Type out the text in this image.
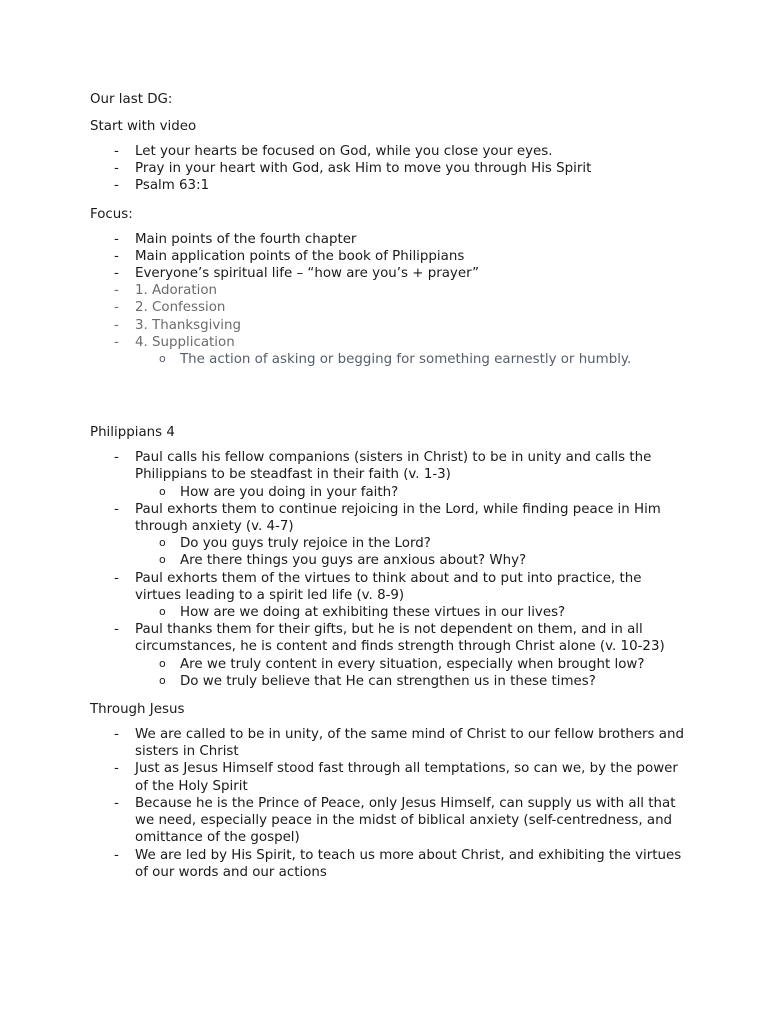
Our last DG:

Start with video

- Let your hearts be focused on God, while you close your eyes.
- Pray in your heart with God, ask Him to move you through His Spirit
- Psalm 63:1

Focus:

- Main points of the fourth chapter
- Main application points of the book of Philippians
- Everyone’s spiritual life – “how are you’s + prayer”
- 1. Adoration
- 2. Confession
- 3. Thanksgiving
- 4. Supplication
o The action of asking or begging for something earnestly or humbly.

Philippians 4

- Paul calls his fellow companions (sisters in Christ) to be in unity and calls the Philippians to be steadfast in their faith (v. 1-3)
o How are you doing in your faith?
- Paul exhorts them to continue rejoicing in the Lord, while finding peace in Him through anxiety (v. 4-7)
o Do you guys truly rejoice in the Lord?
o Are there things you guys are anxious about? Why?
- Paul exhorts them of the virtues to think about and to put into practice, the virtues leading to a spirit led life (v. 8-9)
o How are we doing at exhibiting these virtues in our lives?
- Paul thanks them for their gifts, but he is not dependent on them, and in all circumstances, he is content and finds strength through Christ alone (v. 10-23)
o Are we truly content in every situation, especially when brought low?
o Do we truly believe that He can strengthen us in these times?

Through Jesus

- We are called to be in unity, of the same mind of Christ to our fellow brothers and sisters in Christ
- Just as Jesus Himself stood fast through all temptations, so can we, by the power of the Holy Spirit
- Because he is the Prince of Peace, only Jesus Himself, can supply us with all that we need, especially peace in the midst of biblical anxiety (self-centredness, and omittance of the gospel)
- We are led by His Spirit, to teach us more about Christ, and exhibiting the virtues of our words and our actions
